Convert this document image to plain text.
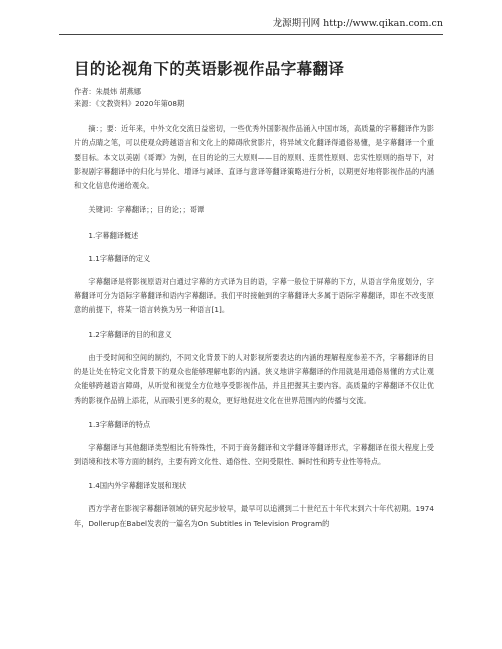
龙源期刊网 http://www.qikan.com.cn
目的论视角下的英语影视作品字幕翻译
作者：朱晨炜 胡燕娜
来源：《文教资料》2020年第08期

摘：；要：近年来，中外文化交流日益密切，一些优秀外国影视作品涌入中国市场，高质量的字幕翻译作为影片的点睛之笔，可以使观众跨越语言和文化上的障碍欣赏影片，将异域文化翻译得通俗易懂，是字幕翻译一个重要目标。本文以美剧《哥谭》为例，在目的论的三大原则——目的原则、连贯性原则、忠实性原则的指导下，对影视剧字幕翻译中的归化与异化、增译与减译、直译与意译等翻译策略进行分析，以期更好地将影视作品的内涵和文化信息传递给观众。

关键词：字幕翻译；；目的论；；哥谭

1.字幕翻译概述
1.1字幕翻译的定义

字幕翻译是将影视原语对白通过字幕的方式译为目的语，字幕一般位于屏幕的下方，从语言学角度划分，字幕翻译可分为语际字幕翻译和语内字幕翻译。我们平时接触到的字幕翻译大多属于语际字幕翻译，即在不改变原意的前提下，将某一语言转换为另一种语言[1]。

1.2字幕翻译的目的和意义

由于受时间和空间的制约，不同文化背景下的人对影视所要表达的内涵的理解程度参差不齐，字幕翻译的目的是让处在特定文化背景下的观众也能够理解电影的内涵。狭义地讲字幕翻译的作用就是用通俗易懂的方式让观众能够跨越语言障碍，从听觉和视觉全方位地享受影视作品，并且把握其主要内容。高质量的字幕翻译不仅让优秀的影视作品锦上添花，从而吸引更多的观众，更好地促进文化在世界范围内的传播与交流。

1.3字幕翻译的特点

字幕翻译与其他翻译类型相比有特殊性，不同于商务翻译和文学翻译等翻译形式，字幕翻译在很大程度上受到语境和技术等方面的制约，主要有跨文化性、通俗性、空间受限性、瞬时性和跨专业性等特点。

1.4国内外字幕翻译发展和现状

西方学者在影视字幕翻译领域的研究起步较早，最早可以追溯到二十世纪五十年代末到六十年代初期。1974年，Dollerup在Babel发表的一篇名为On Subtitles in Television Program的
